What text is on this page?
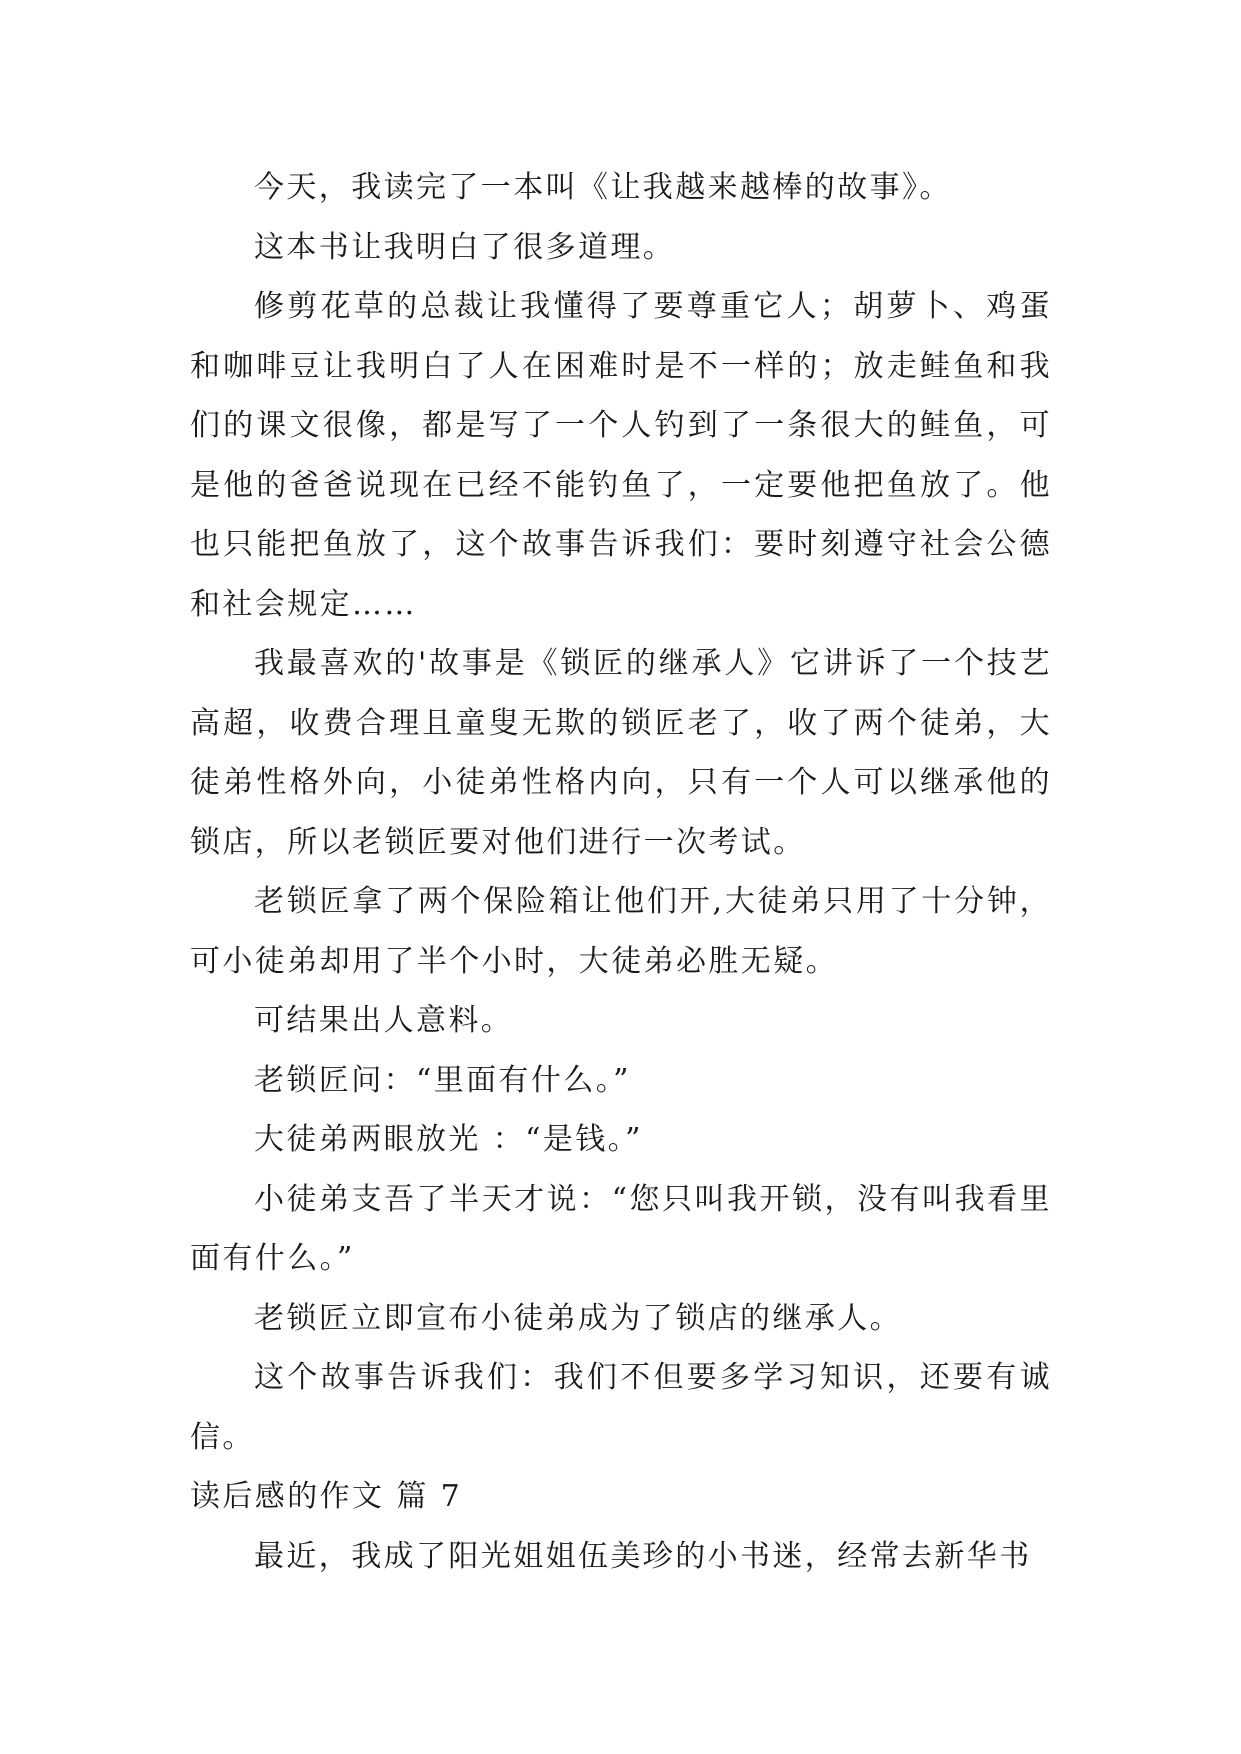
今天，我读完了一本叫《让我越来越棒的故事》。

这本书让我明白了很多道理。

修剪花草的总裁让我懂得了要尊重它人；胡萝卜、鸡蛋和咖啡豆让我明白了人在困难时是不一样的；放走鲑鱼和我们的课文很像，都是写了一个人钓到了一条很大的鲑鱼，可是他的爸爸说现在已经不能钓鱼了，一定要他把鱼放了。他也只能把鱼放了，这个故事告诉我们：要时刻遵守社会公德和社会规定……

我最喜欢的'故事是《锁匠的继承人》它讲诉了一个技艺高超，收费合理且童叟无欺的锁匠老了，收了两个徒弟，大徒弟性格外向，小徒弟性格内向，只有一个人可以继承他的锁店，所以老锁匠要对他们进行一次考试。

老锁匠拿了两个保险箱让他们开,大徒弟只用了十分钟，可小徒弟却用了半个小时，大徒弟必胜无疑。

可结果出人意料。

老锁匠问：“里面有什么。”

大徒弟两眼放光 ：“是钱。”

小徒弟支吾了半天才说：“您只叫我开锁，没有叫我看里面有什么。”

老锁匠立即宣布小徒弟成为了锁店的继承人。

这个故事告诉我们：我们不但要多学习知识，还要有诚信。

读后感的作文 篇 7

最近，我成了阳光姐姐伍美珍的小书迷，经常去新华书
